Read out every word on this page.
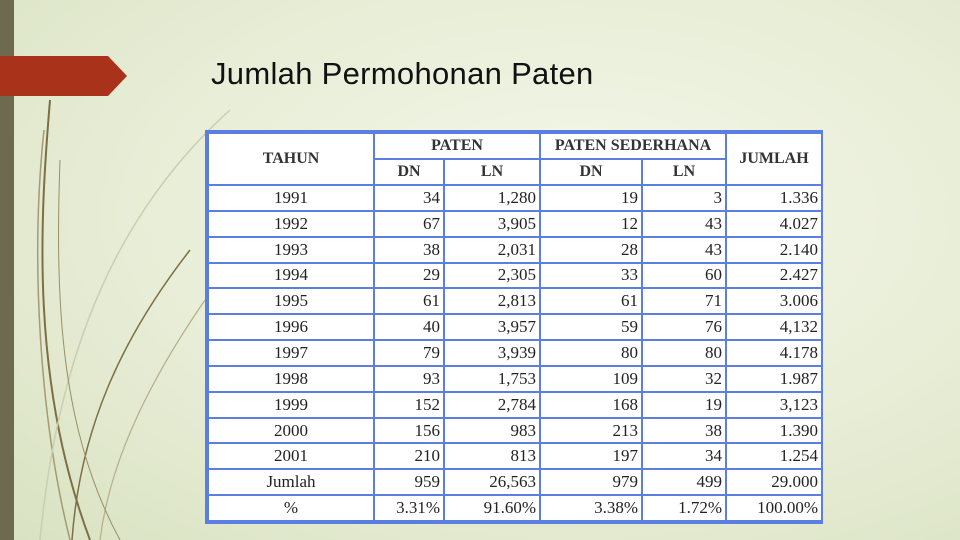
Jumlah Permohonan Paten
TAHUN	PATEN		PATEN SEDERHANA		JUMLAH
	DN	LN	DN	LN	
1991	34	1,280	19	3	1.336
1992	67	3,905	12	43	4.027
1993	38	2,031	28	43	2.140
1994	29	2,305	33	60	2.427
1995	61	2,813	61	71	3.006
1996	40	3,957	59	76	4,132
1997	79	3,939	80	80	4.178
1998	93	1,753	109	32	1.987
1999	152	2,784	168	19	3,123
2000	156	983	213	38	1.390
2001	210	813	197	34	1.254
Jumlah	959	26,563	979	499	29.000
%	3.31%	91.60%	3.38%	1.72%	100.00%
